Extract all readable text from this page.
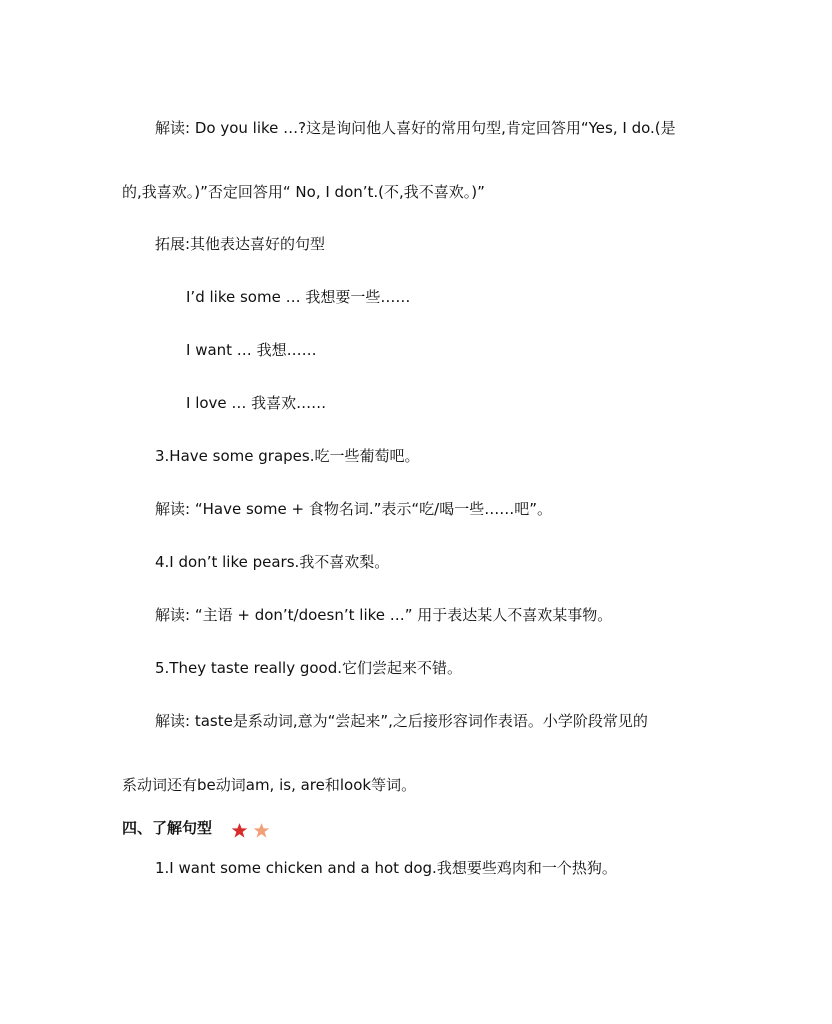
解读: Do you like …?这是询问他人喜好的常用句型,肯定回答用“Yes, I do.(是
的,我喜欢。)”否定回答用“ No, I don’t.(不,我不喜欢。)”
拓展:其他表达喜好的句型
I’d like some … 我想要一些……
I want … 我想……
I love … 我喜欢……
3.Have some grapes.吃一些葡萄吧。
解读: “Have some + 食物名词.”表示“吃/喝一些……吧”。
4.I don’t like pears.我不喜欢梨。
解读: “主语 + don’t/doesn’t like …” 用于表达某人不喜欢某事物。
5.They taste really good.它们尝起来不错。
解读: taste是系动词,意为“尝起来”,之后接形容词作表语。小学阶段常见的
系动词还有be动词am, is, are和look等词。
四、了解句型
1.I want some chicken and a hot dog.我想要些鸡肉和一个热狗。
